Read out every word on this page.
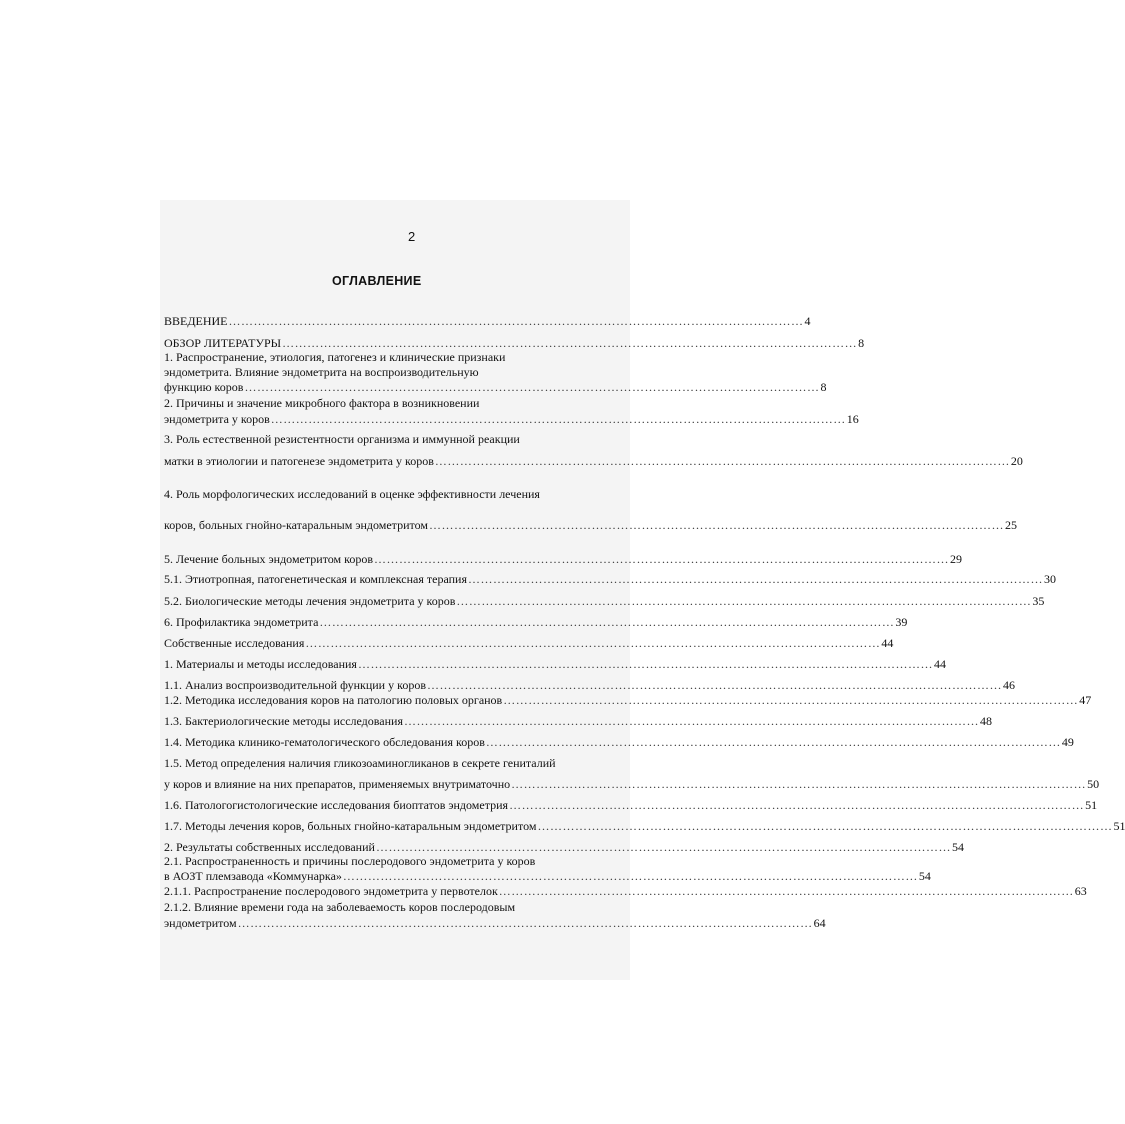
2
ОГЛАВЛЕНИЕ
ВВЕДЕНИЕ ………………………………………………………………………………………………………………………… 4
ОБЗОР ЛИТЕРАТУРЫ ………………………………………………………………………………………………………………………… 8
1. Распространение, этиология, патогенез и клинические признаки
эндометрита. Влияние эндометрита на воспроизводительную
функцию коров ………………………………………………………………………………………………………………………… 8
2. Причины и значение микробного фактора в возникновении
эндометрита у коров ………………………………………………………………………………………………………………………… 16
3. Роль естественной резистентности организма и иммунной реакции
матки в этиологии и патогенезе эндометрита у коров ………………………………………………………………………………………………………………………… 20
4. Роль морфологических исследований в оценке эффективности лечения
коров, больных гнойно-катаральным эндометритом ………………………………………………………………………………………………………………………… 25
5. Лечение больных эндометритом коров ………………………………………………………………………………………………………………………… 29
5.1. Этиотропная, патогенетическая и комплексная терапия ………………………………………………………………………………………………………………………… 30
5.2. Биологические методы лечения эндометрита у коров ………………………………………………………………………………………………………………………… 35
6. Профилактика эндометрита ………………………………………………………………………………………………………………………… 39
Собственные исследования ………………………………………………………………………………………………………………………… 44
1. Материалы и методы исследования ………………………………………………………………………………………………………………………… 44
1.1. Анализ воспроизводительной функции у коров ………………………………………………………………………………………………………………………… 46
1.2. Методика исследования коров на патологию половых органов ………………………………………………………………………………………………………………………… 47
1.3. Бактериологические методы исследования ………………………………………………………………………………………………………………………… 48
1.4. Методика клинико-гематологического обследования коров ………………………………………………………………………………………………………………………… 49
1.5. Метод определения наличия гликозоаминогликанов в секрете гениталий
у коров и влияние на них препаратов, применяемых внутриматочно ………………………………………………………………………………………………………………………… 50
1.6. Патологогистологические исследования биоптатов эндометрия ………………………………………………………………………………………………………………………… 51
1.7. Методы лечения коров, больных гнойно-катаральным эндометритом ………………………………………………………………………………………………………………………… 51
2. Результаты собственных исследований ………………………………………………………………………………………………………………………… 54
2.1. Распространенность и причины послеродового эндометрита у коров
в АОЗТ племзавода «Коммунарка» ………………………………………………………………………………………………………………………… 54
2.1.1. Распространение послеродового эндометрита у первотелок ………………………………………………………………………………………………………………………… 63
2.1.2. Влияние времени года на заболеваемость коров послеродовым
эндометритом ………………………………………………………………………………………………………………………… 64
